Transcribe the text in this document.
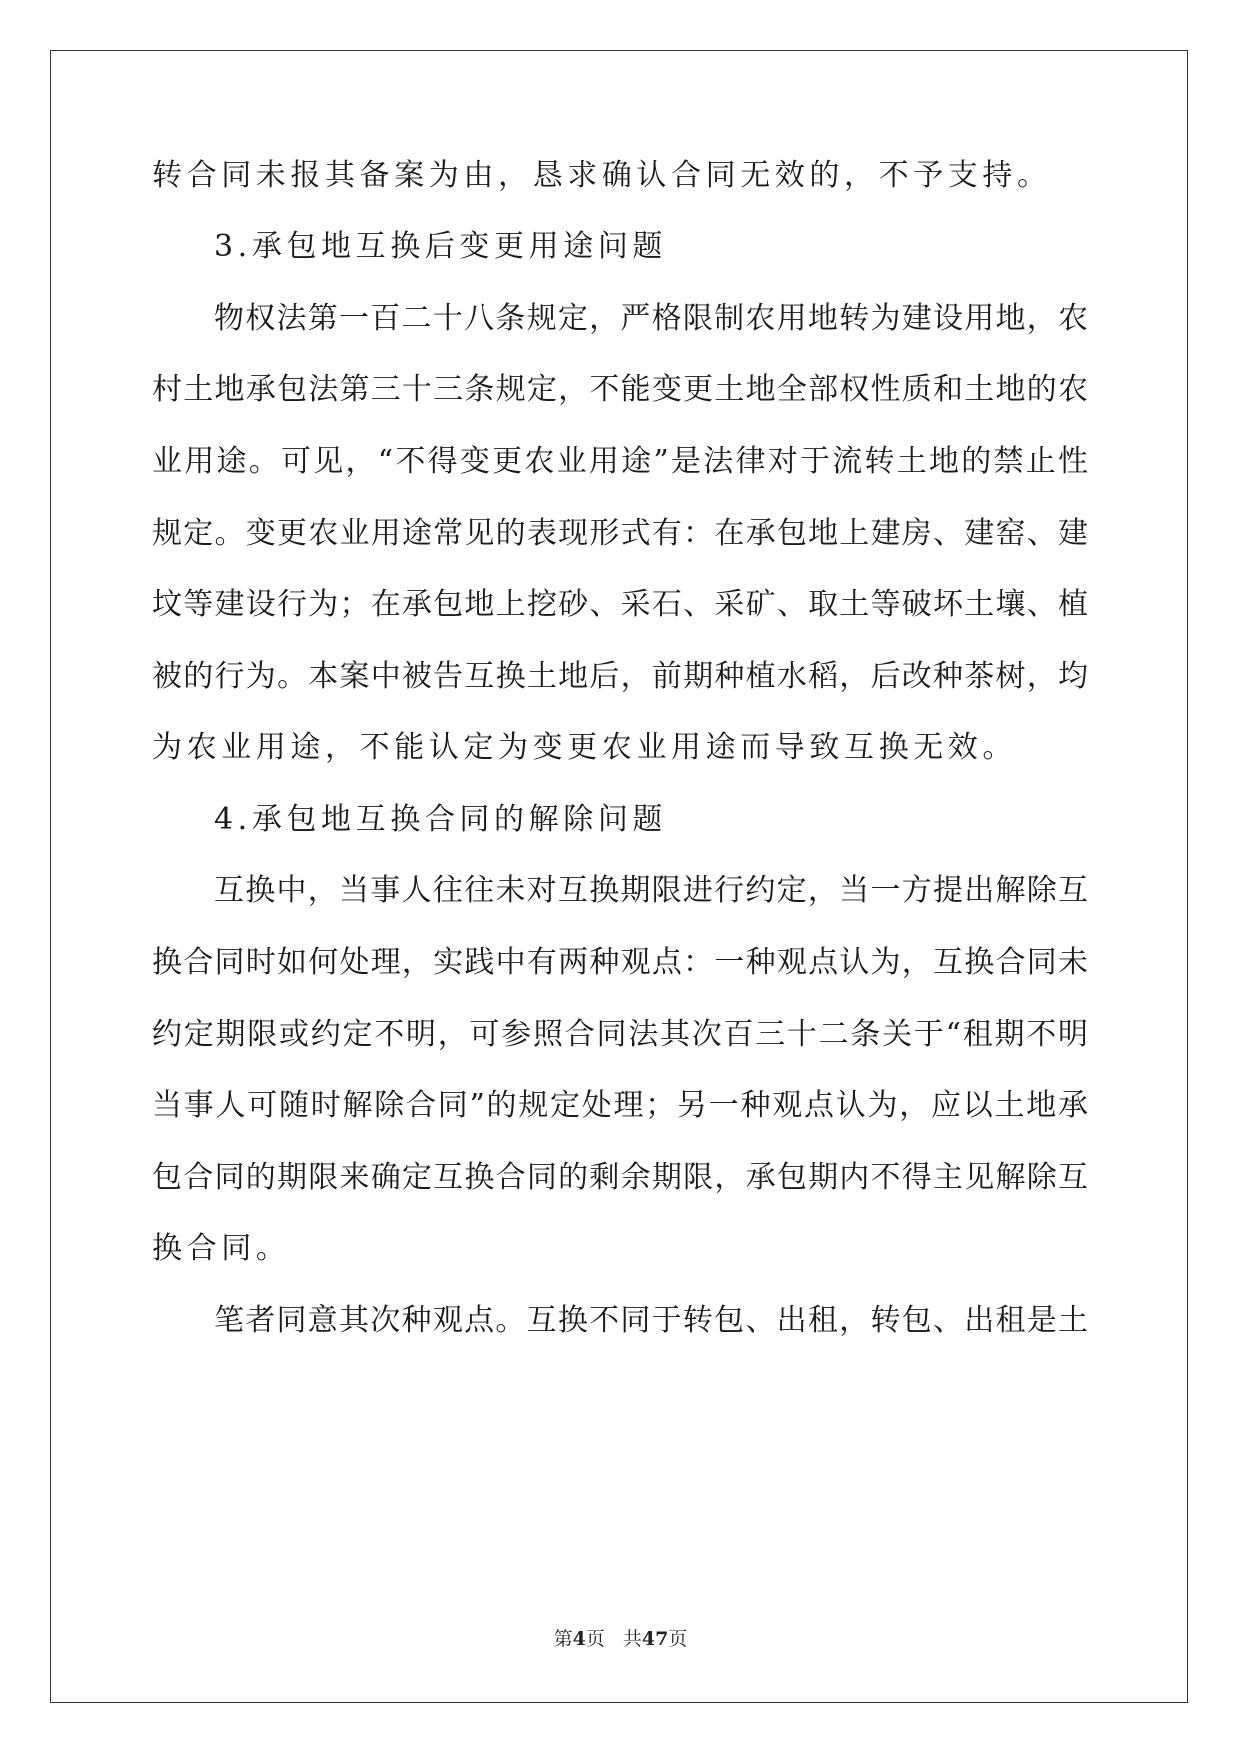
转合同未报其备案为由，恳求确认合同无效的，不予支持。
3.承包地互换后变更用途问题
物权法第一百二十八条规定，严格限制农用地转为建设用地，农
村土地承包法第三十三条规定，不能变更土地全部权性质和土地的农
业用途。可见，“不得变更农业用途”是法律对于流转土地的禁止性
规定。变更农业用途常见的表现形式有：在承包地上建房、建窑、建
坟等建设行为；在承包地上挖砂、采石、采矿、取土等破坏土壤、植
被的行为。本案中被告互换土地后，前期种植水稻，后改种茶树，均
为农业用途，不能认定为变更农业用途而导致互换无效。
4.承包地互换合同的解除问题
互换中，当事人往往未对互换期限进行约定，当一方提出解除互
换合同时如何处理，实践中有两种观点：一种观点认为，互换合同未
约定期限或约定不明，可参照合同法其次百三十二条关于“租期不明
当事人可随时解除合同”的规定处理；另一种观点认为，应以土地承
包合同的期限来确定互换合同的剩余期限，承包期内不得主见解除互
换合同。
笔者同意其次种观点。互换不同于转包、出租，转包、出租是土
第4页 共47页
